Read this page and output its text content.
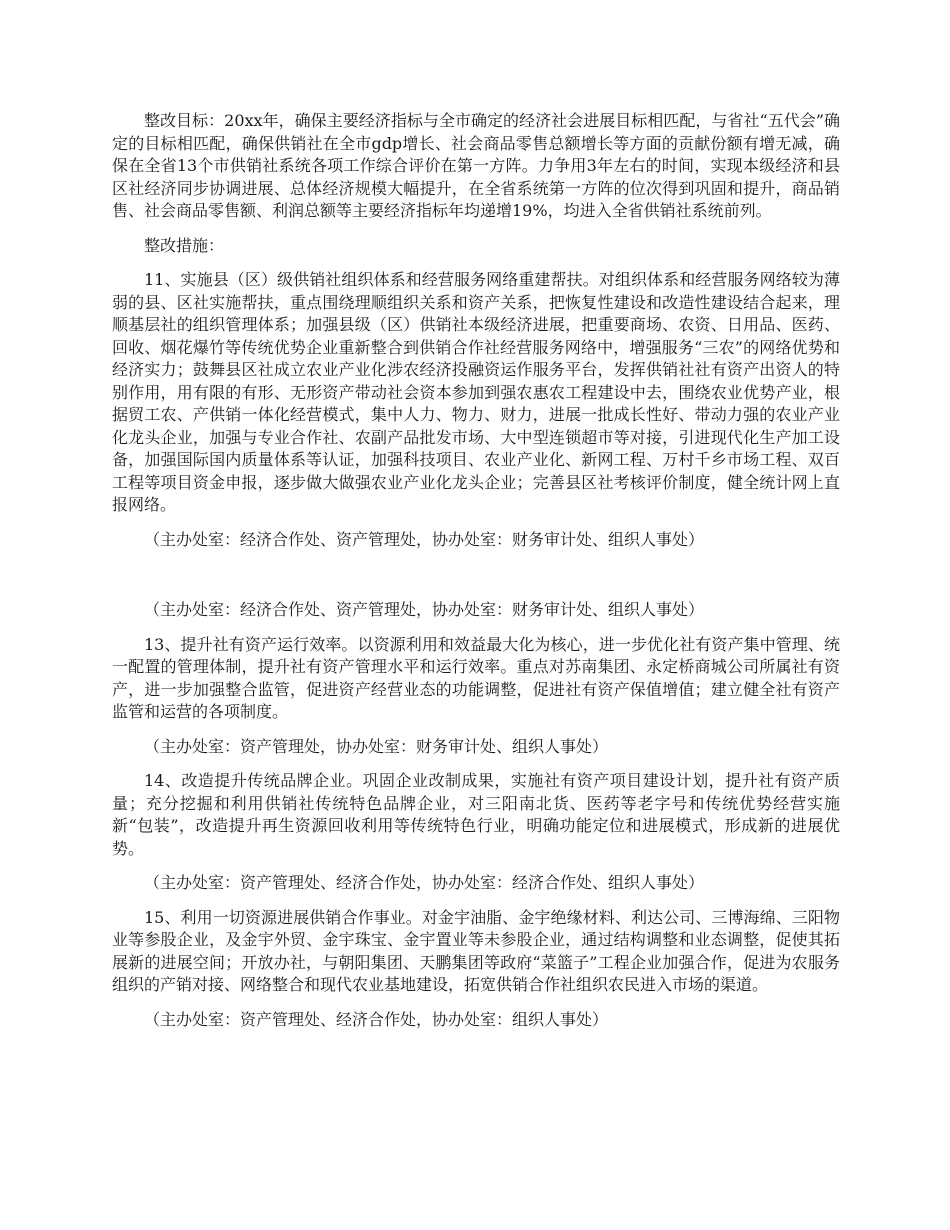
整改目标：20xx年，确保主要经济指标与全市确定的经济社会进展目标相匹配，与省社“五代会”确定的目标相匹配，确保供销社在全市gdp增长、社会商品零售总额增长等方面的贡献份额有增无减，确保在全省13个市供销社系统各项工作综合评价在第一方阵。力争用3年左右的时间，实现本级经济和县区社经济同步协调进展、总体经济规模大幅提升，在全省系统第一方阵的位次得到巩固和提升，商品销售、社会商品零售额、利润总额等主要经济指标年均递增19%，均进入全省供销社系统前列。

整改措施：

11、实施县（区）级供销社组织体系和经营服务网络重建帮扶。对组织体系和经营服务网络较为薄弱的县、区社实施帮扶，重点围绕理顺组织关系和资产关系，把恢复性建设和改造性建设结合起来，理顺基层社的组织管理体系；加强县级（区）供销社本级经济进展，把重要商场、农资、日用品、医药、回收、烟花爆竹等传统优势企业重新整合到供销合作社经营服务网络中，增强服务“三农”的网络优势和经济实力；鼓舞县区社成立农业产业化涉农经济投融资运作服务平台，发挥供销社社有资产出资人的特别作用，用有限的有形、无形资产带动社会资本参加到强农惠农工程建设中去，围绕农业优势产业，根据贸工农、产供销一体化经营模式，集中人力、物力、财力，进展一批成长性好、带动力强的农业产业化龙头企业，加强与专业合作社、农副产品批发市场、大中型连锁超市等对接，引进现代化生产加工设备，加强国际国内质量体系等认证，加强科技项目、农业产业化、新网工程、万村千乡市场工程、双百工程等项目资金申报，逐步做大做强农业产业化龙头企业；完善县区社考核评价制度，健全统计网上直报网络。

（主办处室：经济合作处、资产管理处，协办处室：财务审计处、组织人事处）

（主办处室：经济合作处、资产管理处，协办处室：财务审计处、组织人事处）

13、提升社有资产运行效率。以资源利用和效益最大化为核心，进一步优化社有资产集中管理、统一配置的管理体制，提升社有资产管理水平和运行效率。重点对苏南集团、永定桥商城公司所属社有资产，进一步加强整合监管，促进资产经营业态的功能调整，促进社有资产保值增值；建立健全社有资产监管和运营的各项制度。

（主办处室：资产管理处，协办处室：财务审计处、组织人事处）

14、改造提升传统品牌企业。巩固企业改制成果，实施社有资产项目建设计划，提升社有资产质量；充分挖掘和利用供销社传统特色品牌企业，对三阳南北货、医药等老字号和传统优势经营实施新“包装”，改造提升再生资源回收利用等传统特色行业，明确功能定位和进展模式，形成新的进展优势。

（主办处室：资产管理处、经济合作处，协办处室：经济合作处、组织人事处）

15、利用一切资源进展供销合作事业。对金宇油脂、金宇绝缘材料、利达公司、三博海绵、三阳物业等参股企业，及金宇外贸、金宇珠宝、金宇置业等未参股企业，通过结构调整和业态调整，促使其拓展新的进展空间；开放办社，与朝阳集团、天鹏集团等政府“菜篮子”工程企业加强合作，促进为农服务组织的产销对接、网络整合和现代农业基地建设，拓宽供销合作社组织农民进入市场的渠道。

（主办处室：资产管理处、经济合作处，协办处室：组织人事处）
